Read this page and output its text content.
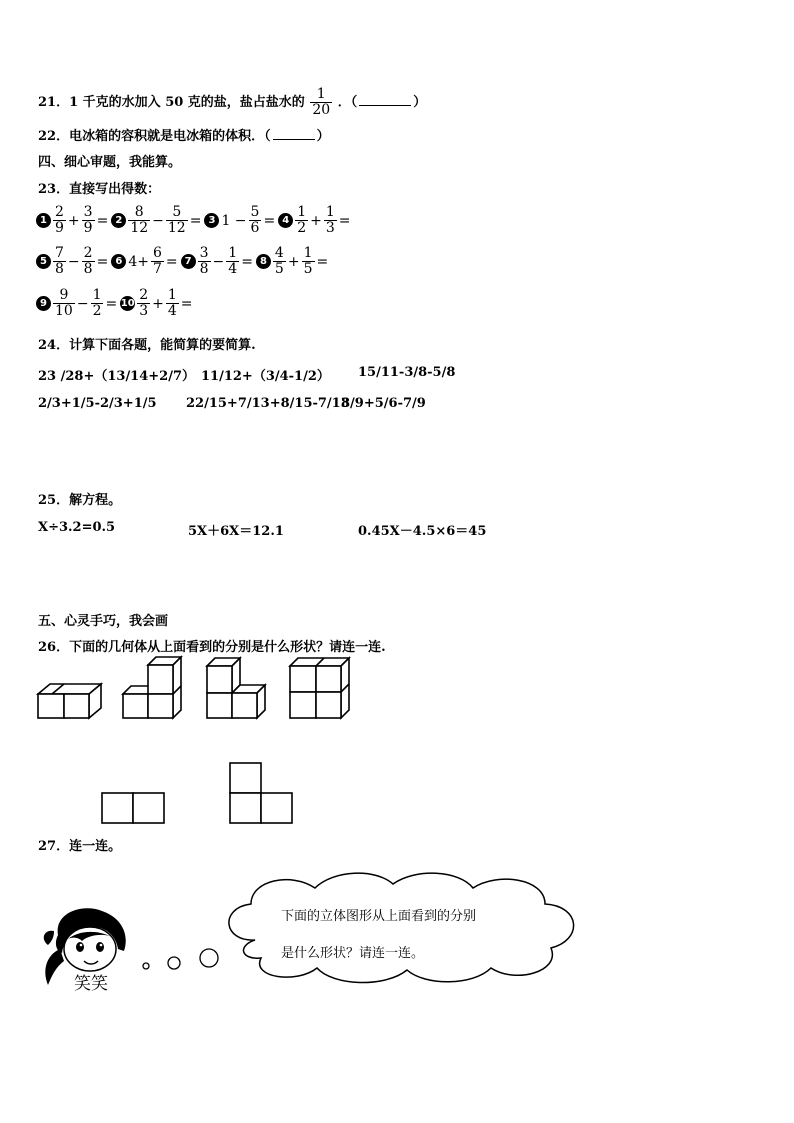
21．1 千克的水加入 50 克的盐，盐占盐水的 $\frac{1}{20}$ ．（	）
22．电冰箱的容积就是电冰箱的体积．（	）
四、细心审题，我能算。
23．直接写出得数：
$1 \frac{2}{9} + \frac{3}{9} = 2 \frac{8}{12} - \frac{5}{12} = 3$ $1 - \frac{5}{6} = 4 \frac{1}{2} + \frac{1}{3}$ =
$5 \frac{7}{8} - \frac{2}{8} = 6$ $4+ \frac{6}{7} = 7 \frac{3}{8} - \frac{1}{4} = 8 \frac{4}{5} + \frac{1}{5}$ =
$9 \frac{9}{10} - \frac{1}{2} = 10 \frac{2}{3} + \frac{1}{4}$ =
24．计算下面各题，能简算的要简算.
23 /28+（13/14+2/7） 11/12+（3/4-1/2） 15/11-3/8-5/8
2/3+1/5-2/3+1/5 22/15+7/13+8/15-7/13
8/9+5/6-7/9
25．解方程。
X÷3.2=0.5	5X＋6X＝12.1	0.45X－4.5×6＝45
五、心灵手巧，我会画
26．下面的几何体从上面看到的分别是什么形状？请连一连.
27．连一连。
下面的立体图形从上面看到的分别
是什么形状？请连一连。
笑笑
